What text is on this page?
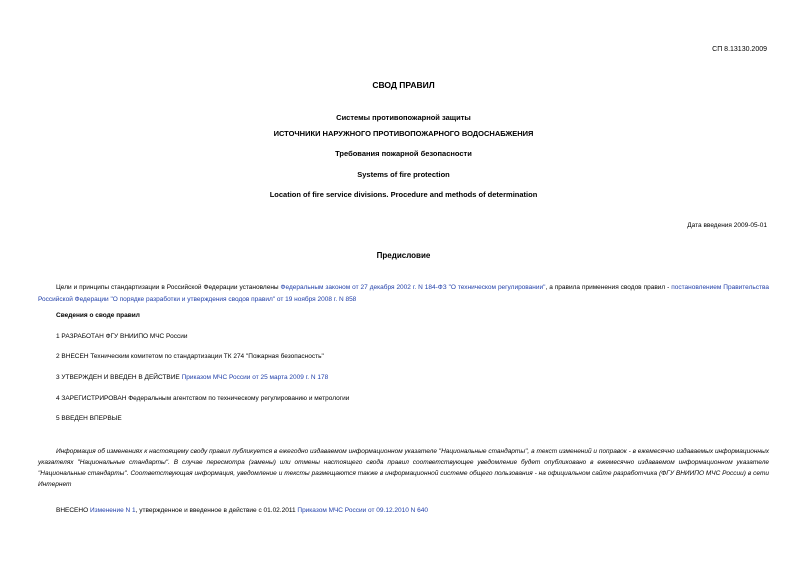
СП 8.13130.2009
СВОД ПРАВИЛ
Системы противопожарной защиты
ИСТОЧНИКИ НАРУЖНОГО ПРОТИВОПОЖАРНОГО ВОДОСНАБЖЕНИЯ
Требования пожарной безопасности
Systems of fire protection
Location of fire service divisions. Procedure and methods of determination
Дата введения 2009-05-01
Предисловие
Цели и принципы стандартизации в Российской Федерации установлены Федеральным законом от 27 декабря 2002 г. N 184-ФЗ "О техническом регулировании", а правила применения сводов правил - постановлением Правительства Российской Федерации "О порядке разработки и утверждения сводов правил" от 19 ноября 2008 г. N 858
Сведения о своде правил
1 РАЗРАБОТАН ФГУ ВНИИПО МЧС России
2 ВНЕСЕН Техническим комитетом по стандартизации ТК 274 "Пожарная безопасность"
3 УТВЕРЖДЕН И ВВЕДЕН В ДЕЙСТВИЕ Приказом МЧС России от 25 марта 2009 г. N 178
4 ЗАРЕГИСТРИРОВАН Федеральным агентством по техническому регулированию и метрологии
5 ВВЕДЕН ВПЕРВЫЕ
Информация об изменениях к настоящему своду правил публикуется в ежегодно издаваемом информационном указателе "Национальные стандарты", а текст изменений и поправок - в ежемесячно издаваемых информационных указателях "Национальные стандарты". В случае пересмотра (замены) или отмены настоящего свода правил соответствующее уведомление будет опубликовано в ежемесячно издаваемом информационном указателе "Национальные стандарты". Соответствующая информация, уведомление и тексты размещаются также в информационной системе общего пользования - на официальном сайте разработчика (ФГУ ВНИИПО МЧС России) в сети Интернет
ВНЕСЕНО Изменение N 1, утвержденное и введенное в действие с 01.02.2011 Приказом МЧС России от 09.12.2010 N 640
